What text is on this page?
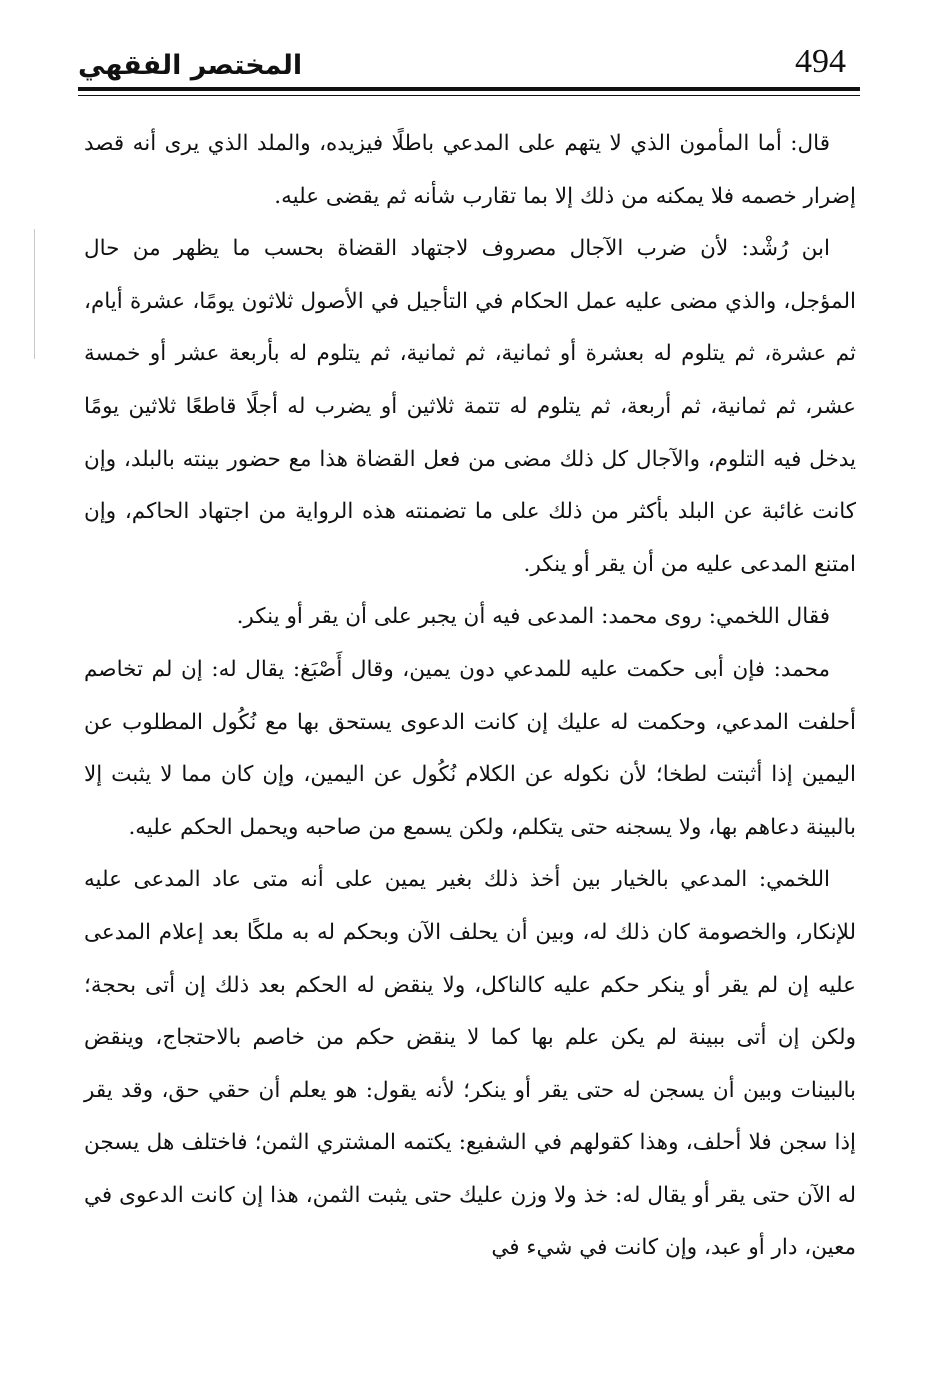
494
المختصر الفقهي

قال: أما المأمون الذي لا يتهم على المدعي باطلًا فيزيده، والملد الذي يرى أنه قصد إضرار خصمه فلا يمكنه من ذلك إلا بما تقارب شأنه ثم يقضى عليه.

ابن رُشْد: لأن ضرب الآجال مصروف لاجتهاد القضاة بحسب ما يظهر من حال المؤجل، والذي مضى عليه عمل الحكام في التأجيل في الأصول ثلاثون يومًا، عشرة أيام، ثم عشرة، ثم يتلوم له بعشرة أو ثمانية، ثم ثمانية، ثم يتلوم له بأربعة عشر أو خمسة عشر، ثم ثمانية، ثم أربعة، ثم يتلوم له تتمة ثلاثين أو يضرب له أجلًا قاطعًا ثلاثين يومًا يدخل فيه التلوم، والآجال كل ذلك مضى من فعل القضاة هذا مع حضور بينته بالبلد، وإن كانت غائبة عن البلد بأكثر من ذلك على ما تضمنته هذه الرواية من اجتهاد الحاكم، وإن امتنع المدعى عليه من أن يقر أو ينكر.

فقال اللخمي: روى محمد: المدعى فيه أن يجبر على أن يقر أو ينكر.

محمد: فإن أبى حكمت عليه للمدعي دون يمين، وقال أَصْبَغ: يقال له: إن لم تخاصم أحلفت المدعي، وحكمت له عليك إن كانت الدعوى يستحق بها مع نُكُول المطلوب عن اليمين إذا أثبتت لطخا؛ لأن نكوله عن الكلام نُكُول عن اليمين، وإن كان مما لا يثبت إلا بالبينة دعاهم بها، ولا يسجنه حتى يتكلم، ولكن يسمع من صاحبه ويحمل الحكم عليه.

اللخمي: المدعي بالخيار بين أخذ ذلك بغير يمين على أنه متى عاد المدعى عليه للإنكار، والخصومة كان ذلك له، وبين أن يحلف الآن وبحكم له به ملكًا بعد إعلام المدعى عليه إن لم يقر أو ينكر حكم عليه كالناكل، ولا ينقض له الحكم بعد ذلك إن أتى بحجة؛ ولكن إن أتى ببينة لم يكن علم بها كما لا ينقض حكم من خاصم بالاحتجاج، وينقض بالبينات وبين أن يسجن له حتى يقر أو ينكر؛ لأنه يقول: هو يعلم أن حقي حق، وقد يقر إذا سجن فلا أحلف، وهذا كقولهم في الشفيع: يكتمه المشتري الثمن؛ فاختلف هل يسجن له الآن حتى يقر أو يقال له: خذ ولا وزن عليك حتى يثبت الثمن، هذا إن كانت الدعوى في معين، دار أو عبد، وإن كانت في شيء في
